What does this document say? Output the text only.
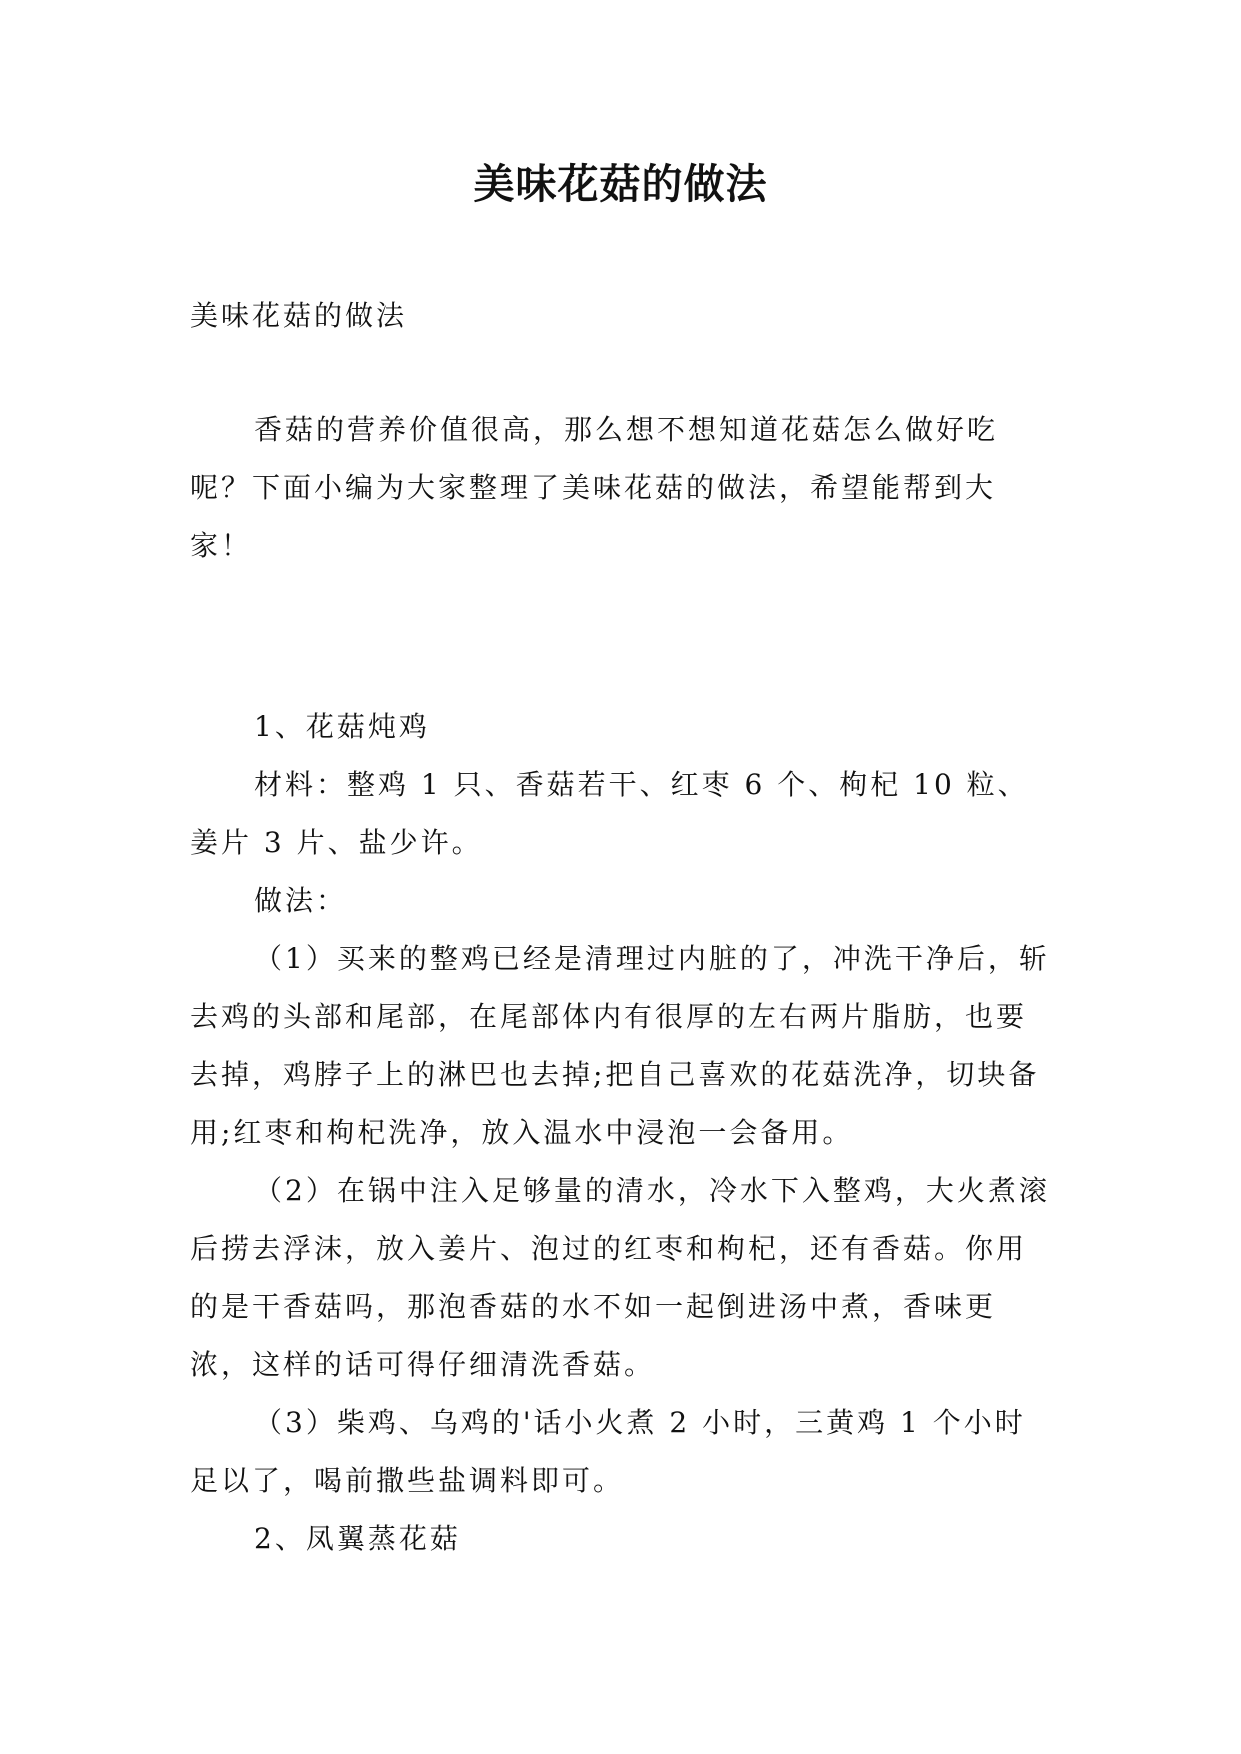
美味花菇的做法

美味花菇的做法

香菇的营养价值很高，那么想不想知道花菇怎么做好吃呢？下面小编为大家整理了美味花菇的做法，希望能帮到大家！

1、花菇炖鸡

材料：整鸡 1 只、香菇若干、红枣 6 个、枸杞 10 粒、姜片 3 片、盐少许。

做法：

（1）买来的整鸡已经是清理过内脏的了，冲洗干净后，斩去鸡的头部和尾部，在尾部体内有很厚的左右两片脂肪，也要去掉，鸡脖子上的淋巴也去掉;把自己喜欢的花菇洗净，切块备用;红枣和枸杞洗净，放入温水中浸泡一会备用。

（2）在锅中注入足够量的清水，冷水下入整鸡，大火煮滚后捞去浮沫，放入姜片、泡过的红枣和枸杞，还有香菇。你用的是干香菇吗，那泡香菇的水不如一起倒进汤中煮，香味更浓，这样的话可得仔细清洗香菇。

（3）柴鸡、乌鸡的'话小火煮 2 小时，三黄鸡 1 个小时足以了，喝前撒些盐调料即可。

2、凤翼蒸花菇
